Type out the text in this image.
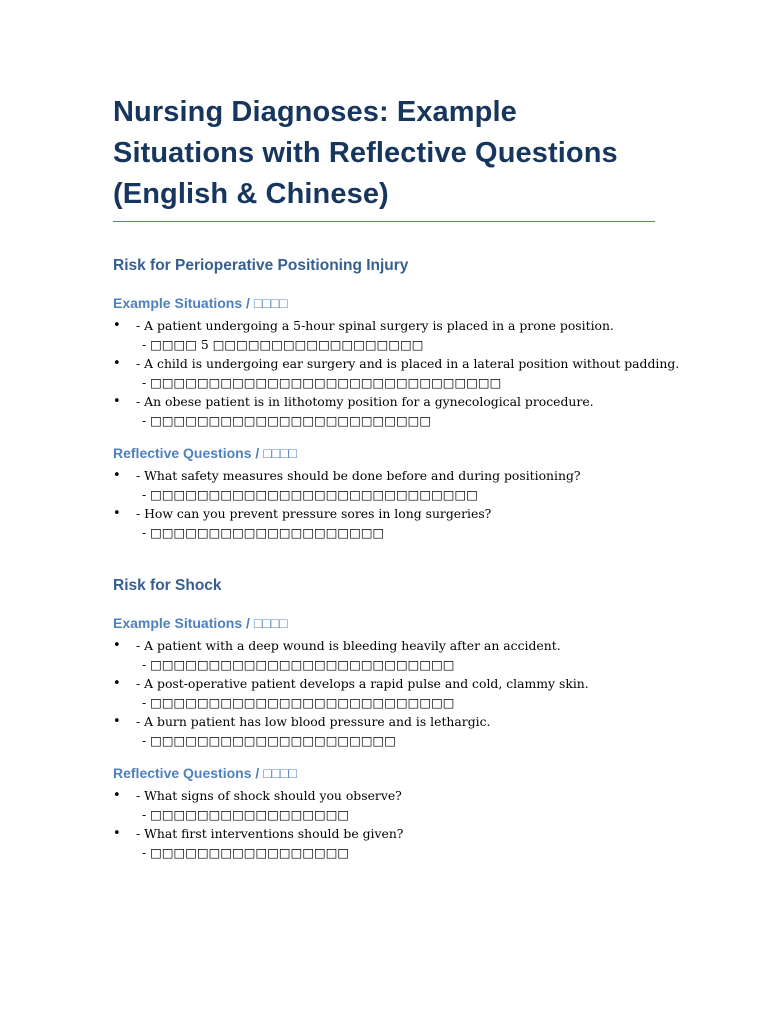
Nursing Diagnoses: Example Situations with Reflective Questions (English & Chinese)
Risk for Perioperative Positioning Injury
Example Situations / □□□□
• - A patient undergoing a 5-hour spinal surgery is placed in a prone position.
- □□□□ 5 □□□□□□□□□□□□□□□□□□
• - A child is undergoing ear surgery and is placed in a lateral position without padding.
- □□□□□□□□□□□□□□□□□□□□□□□□□□□□□□
• - An obese patient is in lithotomy position for a gynecological procedure.
- □□□□□□□□□□□□□□□□□□□□□□□□
Reflective Questions / □□□□
• - What safety measures should be done before and during positioning?
- □□□□□□□□□□□□□□□□□□□□□□□□□□□□
• - How can you prevent pressure sores in long surgeries?
- □□□□□□□□□□□□□□□□□□□□
Risk for Shock
Example Situations / □□□□
• - A patient with a deep wound is bleeding heavily after an accident.
- □□□□□□□□□□□□□□□□□□□□□□□□□□
• - A post-operative patient develops a rapid pulse and cold, clammy skin.
- □□□□□□□□□□□□□□□□□□□□□□□□□□
• - A burn patient has low blood pressure and is lethargic.
- □□□□□□□□□□□□□□□□□□□□□
Reflective Questions / □□□□
• - What signs of shock should you observe?
- □□□□□□□□□□□□□□□□□
• - What first interventions should be given?
- □□□□□□□□□□□□□□□□□
